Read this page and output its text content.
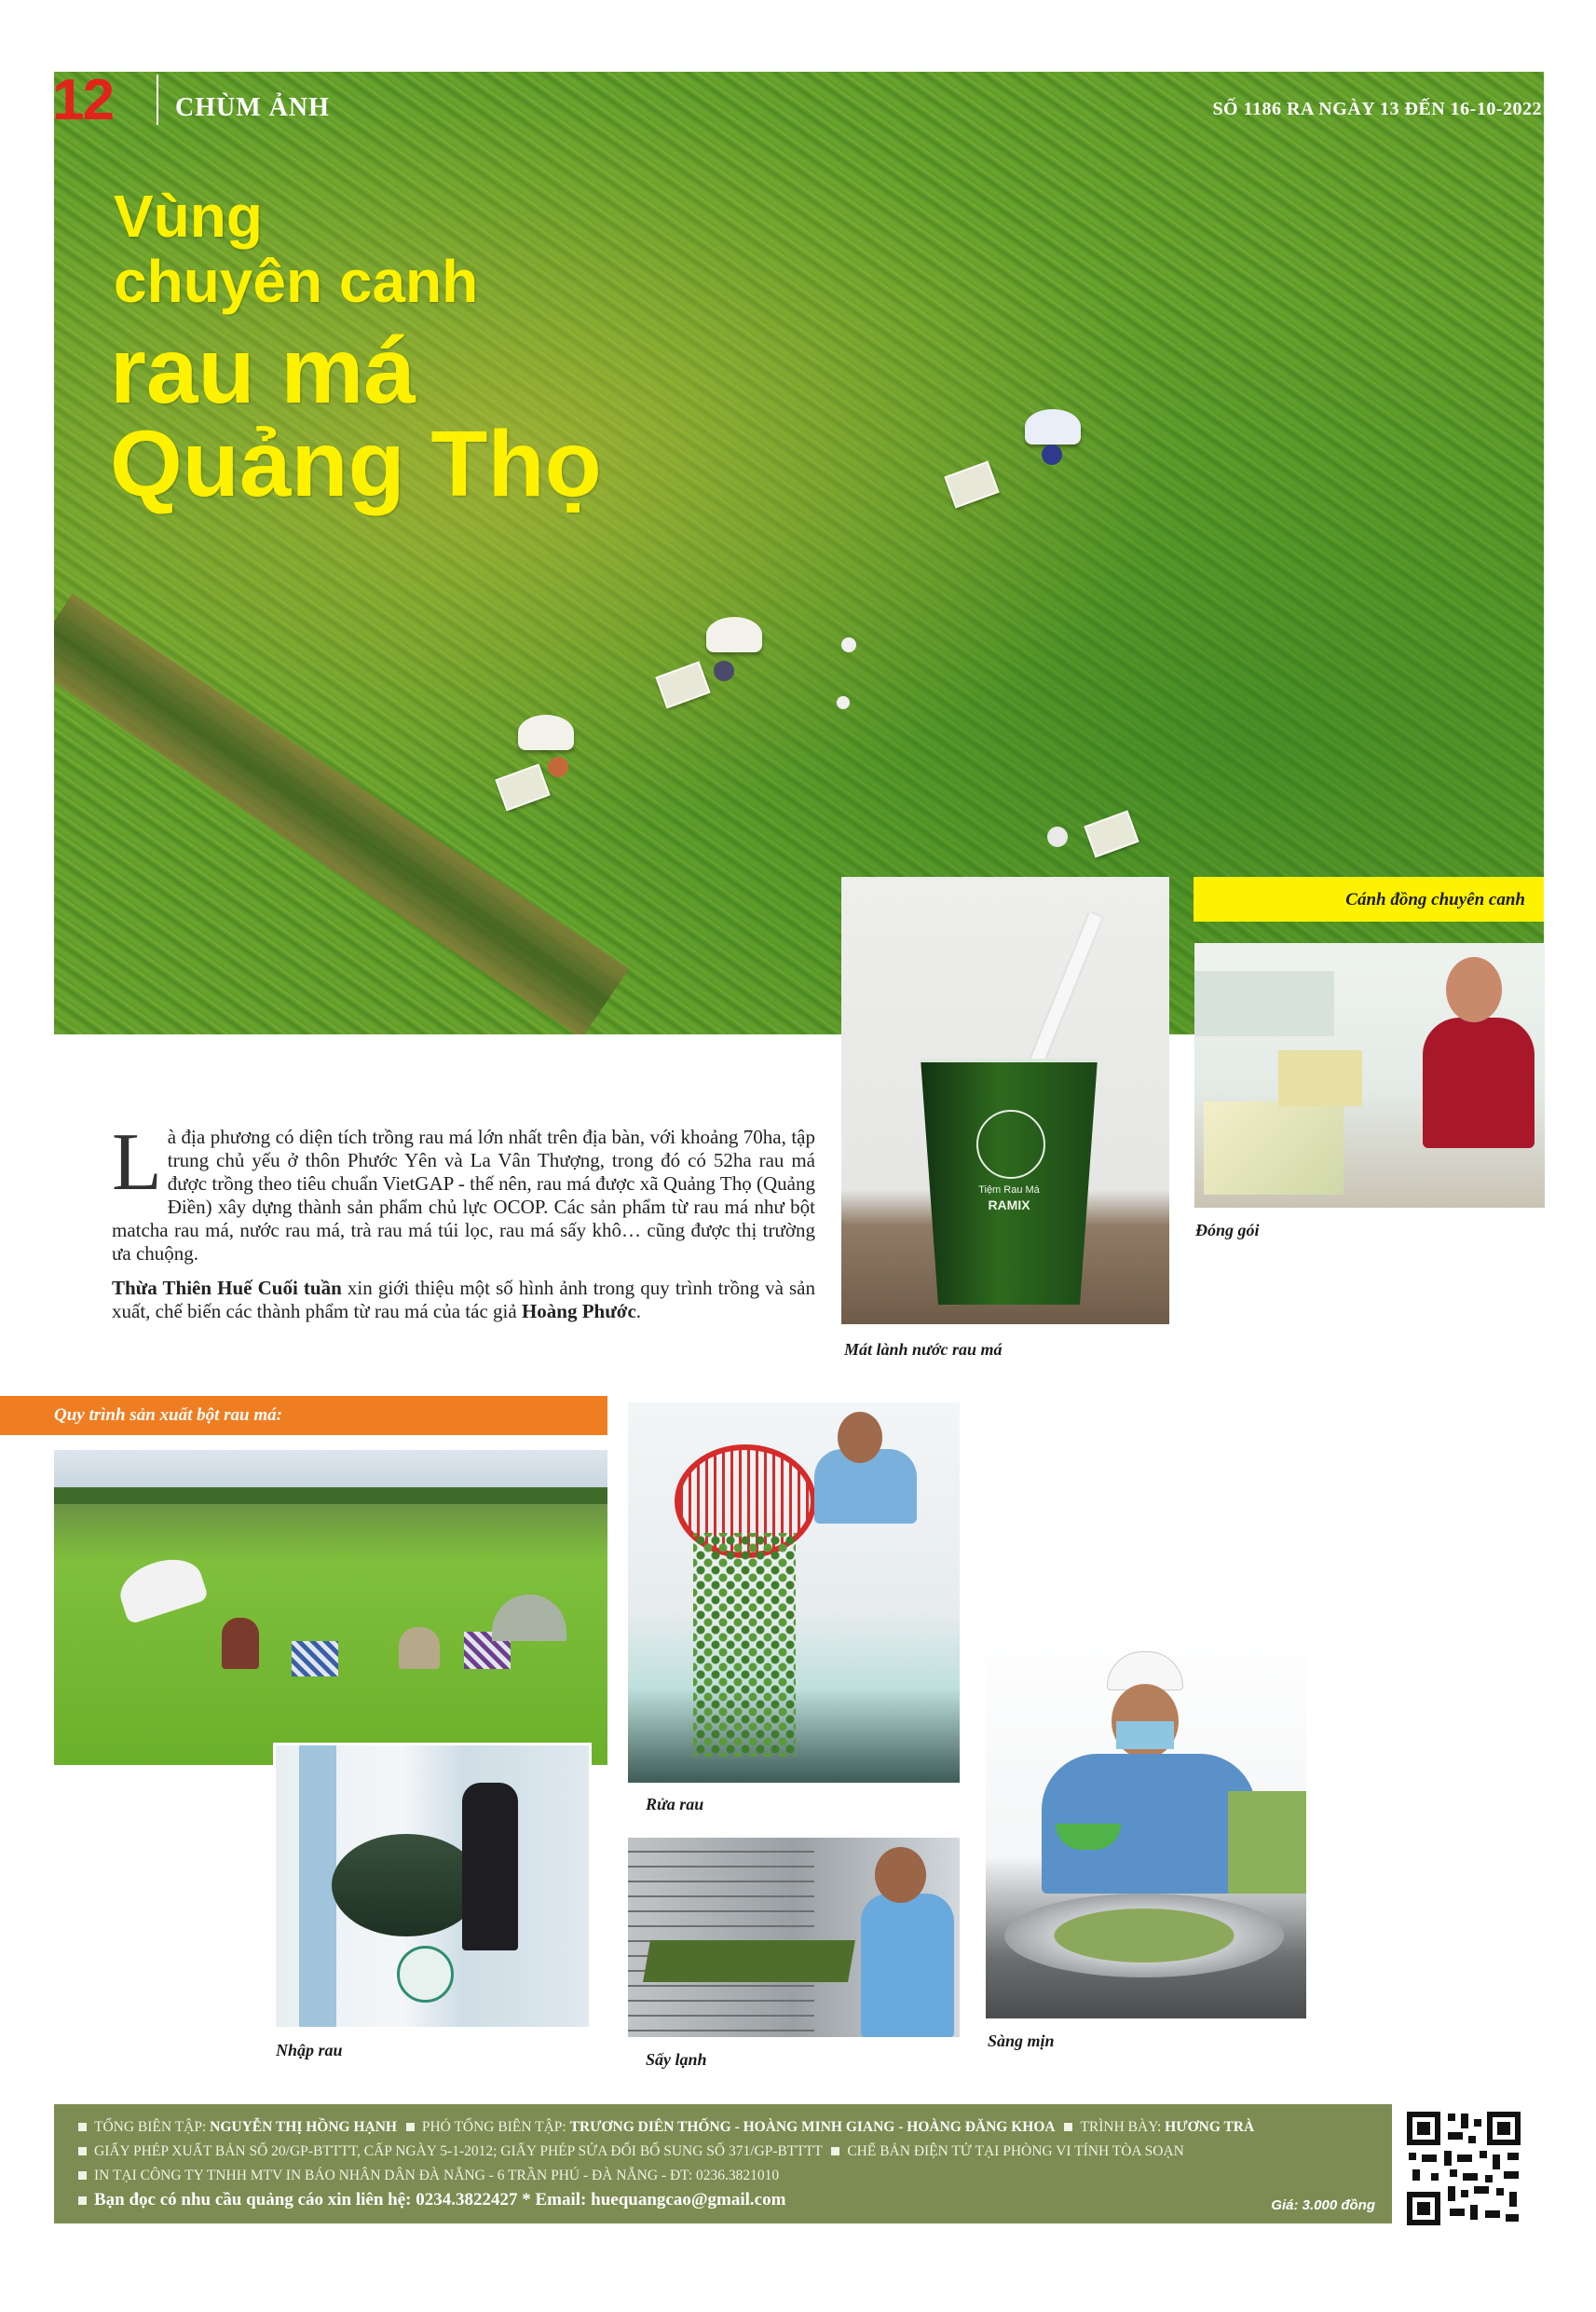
12 CHÙM ẢNH	SỐ 1186 RA NGÀY 13 ĐẾN 16-10-2022
Vùng
chuyên canh
rau má
Quảng Thọ
Cánh đồng chuyên canh
Tiệm Rau Má
RAMIX
Mát lành nước rau má
Đóng gói

Là địa phương có diện tích trồng rau má lớn nhất trên địa bàn, với khoảng 70ha, tập trung chủ yếu ở thôn Phước Yên và La Vân Thượng, trong đó có 52ha rau má được trồng theo tiêu chuẩn VietGAP - thế nên, rau má được xã Quảng Thọ (Quảng Điền) xây dựng thành sản phẩm chủ lực OCOP. Các sản phẩm từ rau má như bột matcha rau má, nước rau má, trà rau má túi lọc, rau má sấy khô… cũng được thị trường ưa chuộng.

Thừa Thiên Huế Cuối tuần xin giới thiệu một số hình ảnh trong quy trình trồng và sản xuất, chế biến các thành phẩm từ rau má của tác giả Hoàng Phước.

Quy trình sản xuất bột rau má:
Nhập rau
Rửa rau
Sấy lạnh
Sàng mịn
TỔNG BIÊN TẬP: NGUYỄN THỊ HỒNG HẠNH PHÓ TỔNG BIÊN TẬP: TRƯƠNG DIÊN THỐNG - HOÀNG MINH GIANG - HOÀNG ĐĂNG KHOA TRÌNH BÀY: HƯƠNG TRÀ
GIẤY PHÉP XUẤT BẢN SỐ 20/GP-BTTTT, CẤP NGÀY 5-1-2012; GIẤY PHÉP SỬA ĐỔI BỔ SUNG SỐ 371/GP-BTTTT CHẾ BẢN ĐIỆN TỬ TẠI PHÒNG VI TÍNH TÒA SOẠN
IN TẠI CÔNG TY TNHH MTV IN BÁO NHÂN DÂN ĐÀ NẴNG - 6 TRẦN PHÚ - ĐÀ NẴNG - ĐT: 0236.3821010
Bạn đọc có nhu cầu quảng cáo xin liên hệ: 0234.3822427 * Email: huequangcao@gmail.com	Giá: 3.000 đồng
